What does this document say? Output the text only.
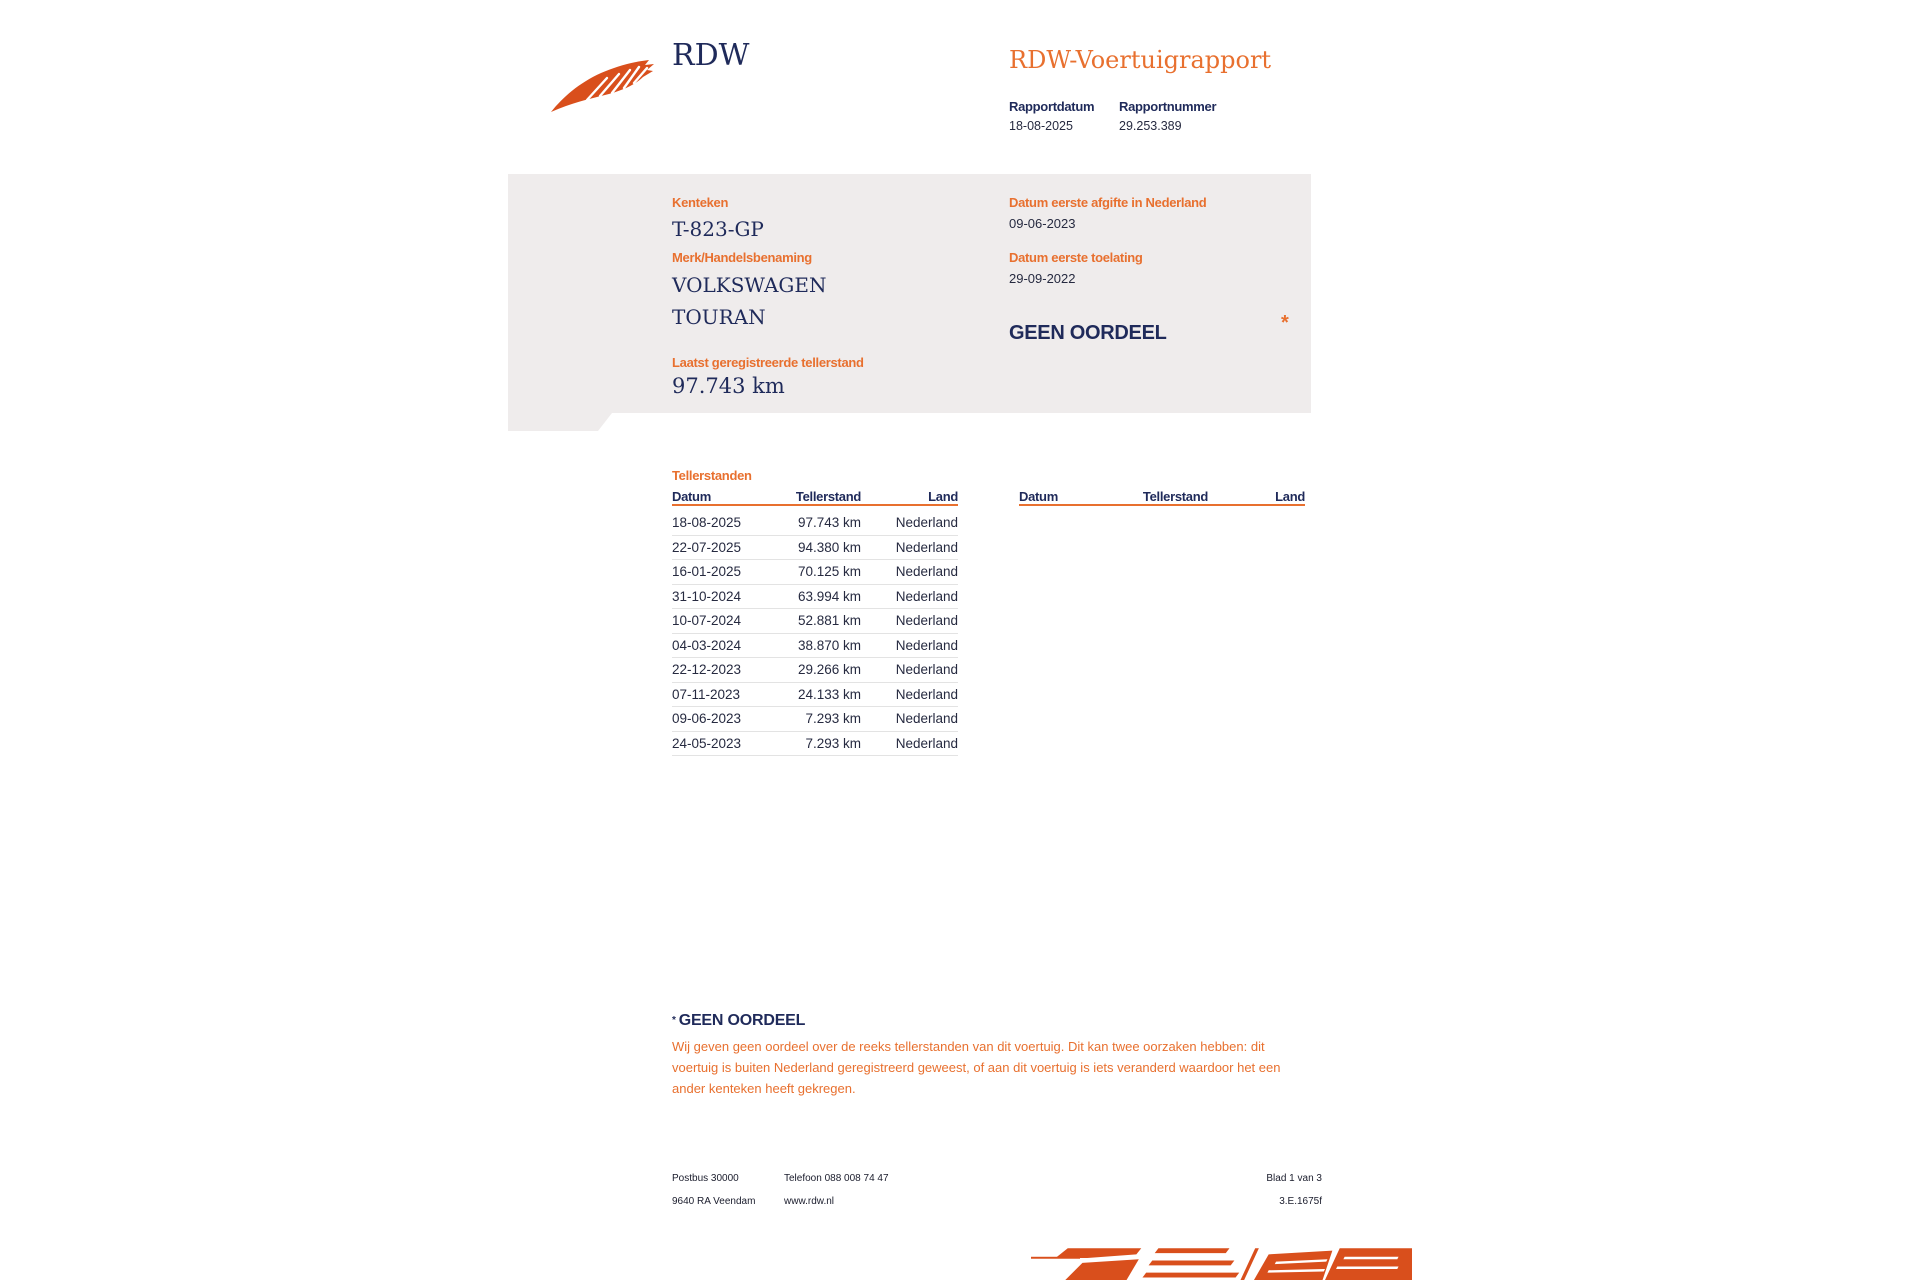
RDW	RDW-Voertuigrapport
Rapportdatum
18-08-2025
Rapportnummer
29.253.389
Kenteken
T-823-GP
Merk/Handelsbenaming
VOLKSWAGEN
TOURAN
Laatst geregistreerde tellerstand
97.743 km
Datum eerste afgifte in Nederland
09-06-2023
Datum eerste toelating
29-09-2022
GEEN OORDEEL	*
Tellerstanden
Datum	Tellerstand	Land
18-08-2025	97.743 km	Nederland
22-07-2025	94.380 km	Nederland
16-01-2025	70.125 km	Nederland
31-10-2024	63.994 km	Nederland
10-07-2024	52.881 km	Nederland
04-03-2024	38.870 km	Nederland
22-12-2023	29.266 km	Nederland
07-11-2023	24.133 km	Nederland
09-06-2023	7.293 km	Nederland
24-05-2023	7.293 km	Nederland
Datum	Tellerstand	Land
* GEEN OORDEEL
Wij geven geen oordeel over de reeks tellerstanden van dit voertuig. Dit kan twee oorzaken hebben: dit
voertuig is buiten Nederland geregistreerd geweest, of aan dit voertuig is iets veranderd waardoor het een
ander kenteken heeft gekregen.
Postbus 30000
9640 RA Veendam
Telefoon 088 008 74 47
www.rdw.nl
Blad 1 van 3
3.E.1675f
